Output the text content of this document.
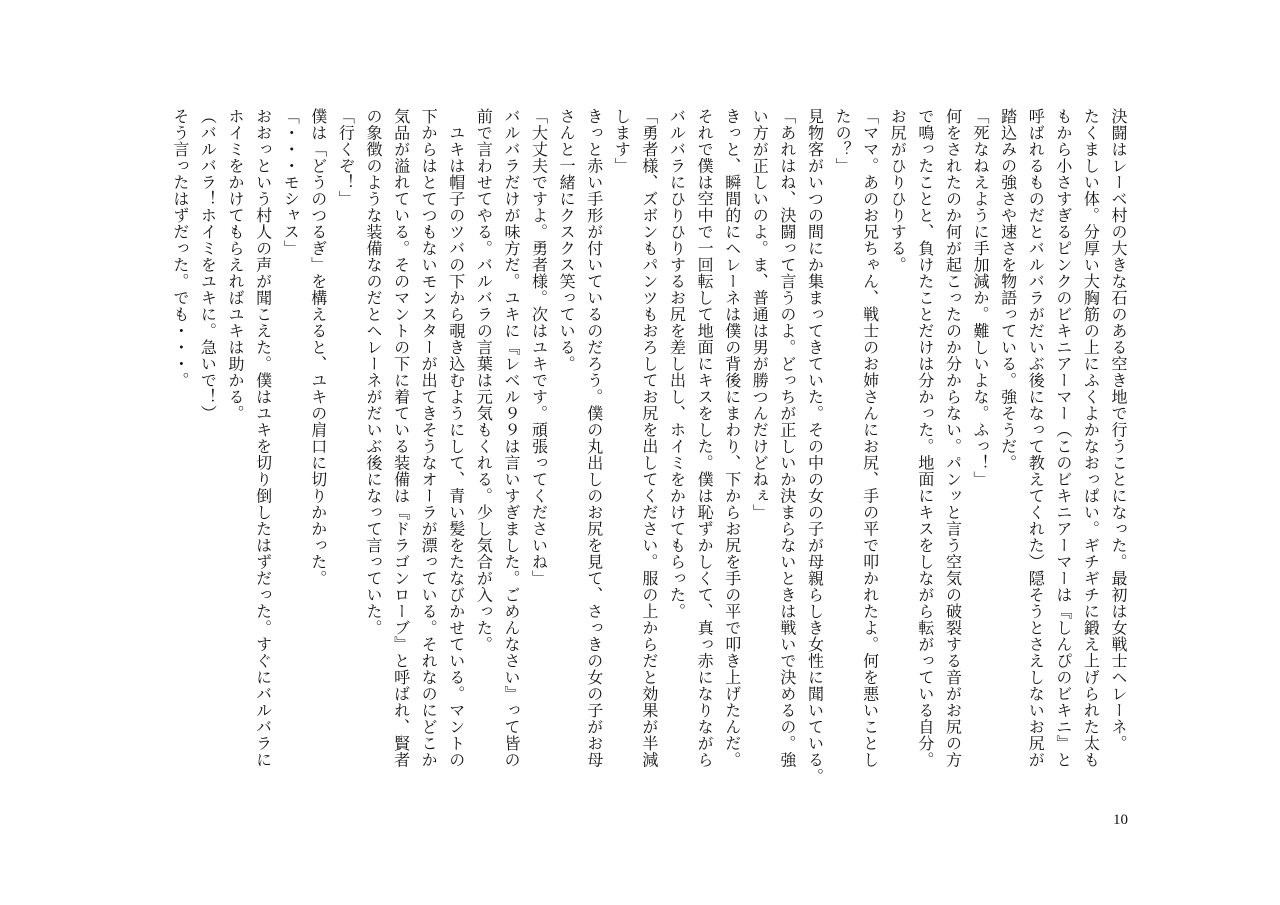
決闘はレーベ村の大きな石のある空き地で行うことになった。最初は女戦士ヘレーネ。
たくましい体。分厚い大胸筋の上にふくよかなおっぱい。ギチギチに鍛え上げられた太も
もから小さすぎるピンクのビキニアーマー（このビキニアーマーは『しんぴのビキニ』と
呼ばれるものだとバルバラがだいぶ後になって教えてくれた）隠そうとさえしないお尻が
踏込みの強さや速さを物語っている。強そうだ。
「死なねえように手加減か。難しいよな。ふっ！」
何をされたのか何が起こったのか分からない。パンッと言う空気の破裂する音がお尻の方
で鳴ったことと、負けたことだけは分かった。地面にキスをしながら転がっている自分。
お尻がひりひりする。
「ママ。あのお兄ちゃん、戦士のお姉さんにお尻、手の平で叩かれたよ。何を悪いことし
たの？」
見物客がいつの間にか集まってきていた。その中の女の子が母親らしき女性に聞いている。
「あれはね、決闘って言うのよ。どっちが正しいか決まらないときは戦いで決めるの。強
い方が正しいのよ。ま、普通は男が勝つんだけどねぇ」
きっと、瞬間的にヘレーネは僕の背後にまわり、下からお尻を手の平で叩き上げたんだ。
それで僕は空中で一回転して地面にキスをした。僕は恥ずかしくて、真っ赤になりながら
バルバラにひりひりするお尻を差し出し、ホイミをかけてもらった。
「勇者様、ズボンもパンツもおろしてお尻を出してください。服の上からだと効果が半減
します」
きっと赤い手形が付いているのだろう。僕の丸出しのお尻を見て、さっきの女の子がお母
さんと一緒にクスクス笑っている。
「大丈夫ですよ。勇者様。次はユキです。頑張ってくださいね」
バルバラだけが味方だ。ユキに『レベル９９は言いすぎました。ごめんなさい』って皆の
前で言わせてやる。バルバラの言葉は元気もくれる。少し気合が入った。
　ユキは帽子のツバの下から覗き込むようにして、青い髪をたなびかせている。マントの
下からはとてつもないモンスターが出てきそうなオーラが漂っている。それなのにどこか
気品が溢れている。そのマントの下に着ている装備は『ドラゴンローブ』と呼ばれ、賢者
の象徴のような装備なのだとヘレーネがだいぶ後になって言っていた。
「行くぞ！」
僕は「どうのつるぎ」を構えると、ユキの肩口に切りかかった。
「・・・モシャス」
おおっという村人の声が聞こえた。僕はユキを切り倒したはずだった。すぐにバルバラに
ホイミをかけてもらえればユキは助かる。
（バルバラ！ホイミをユキに。急いで！）
そう言ったはずだった。でも・・・。
10
